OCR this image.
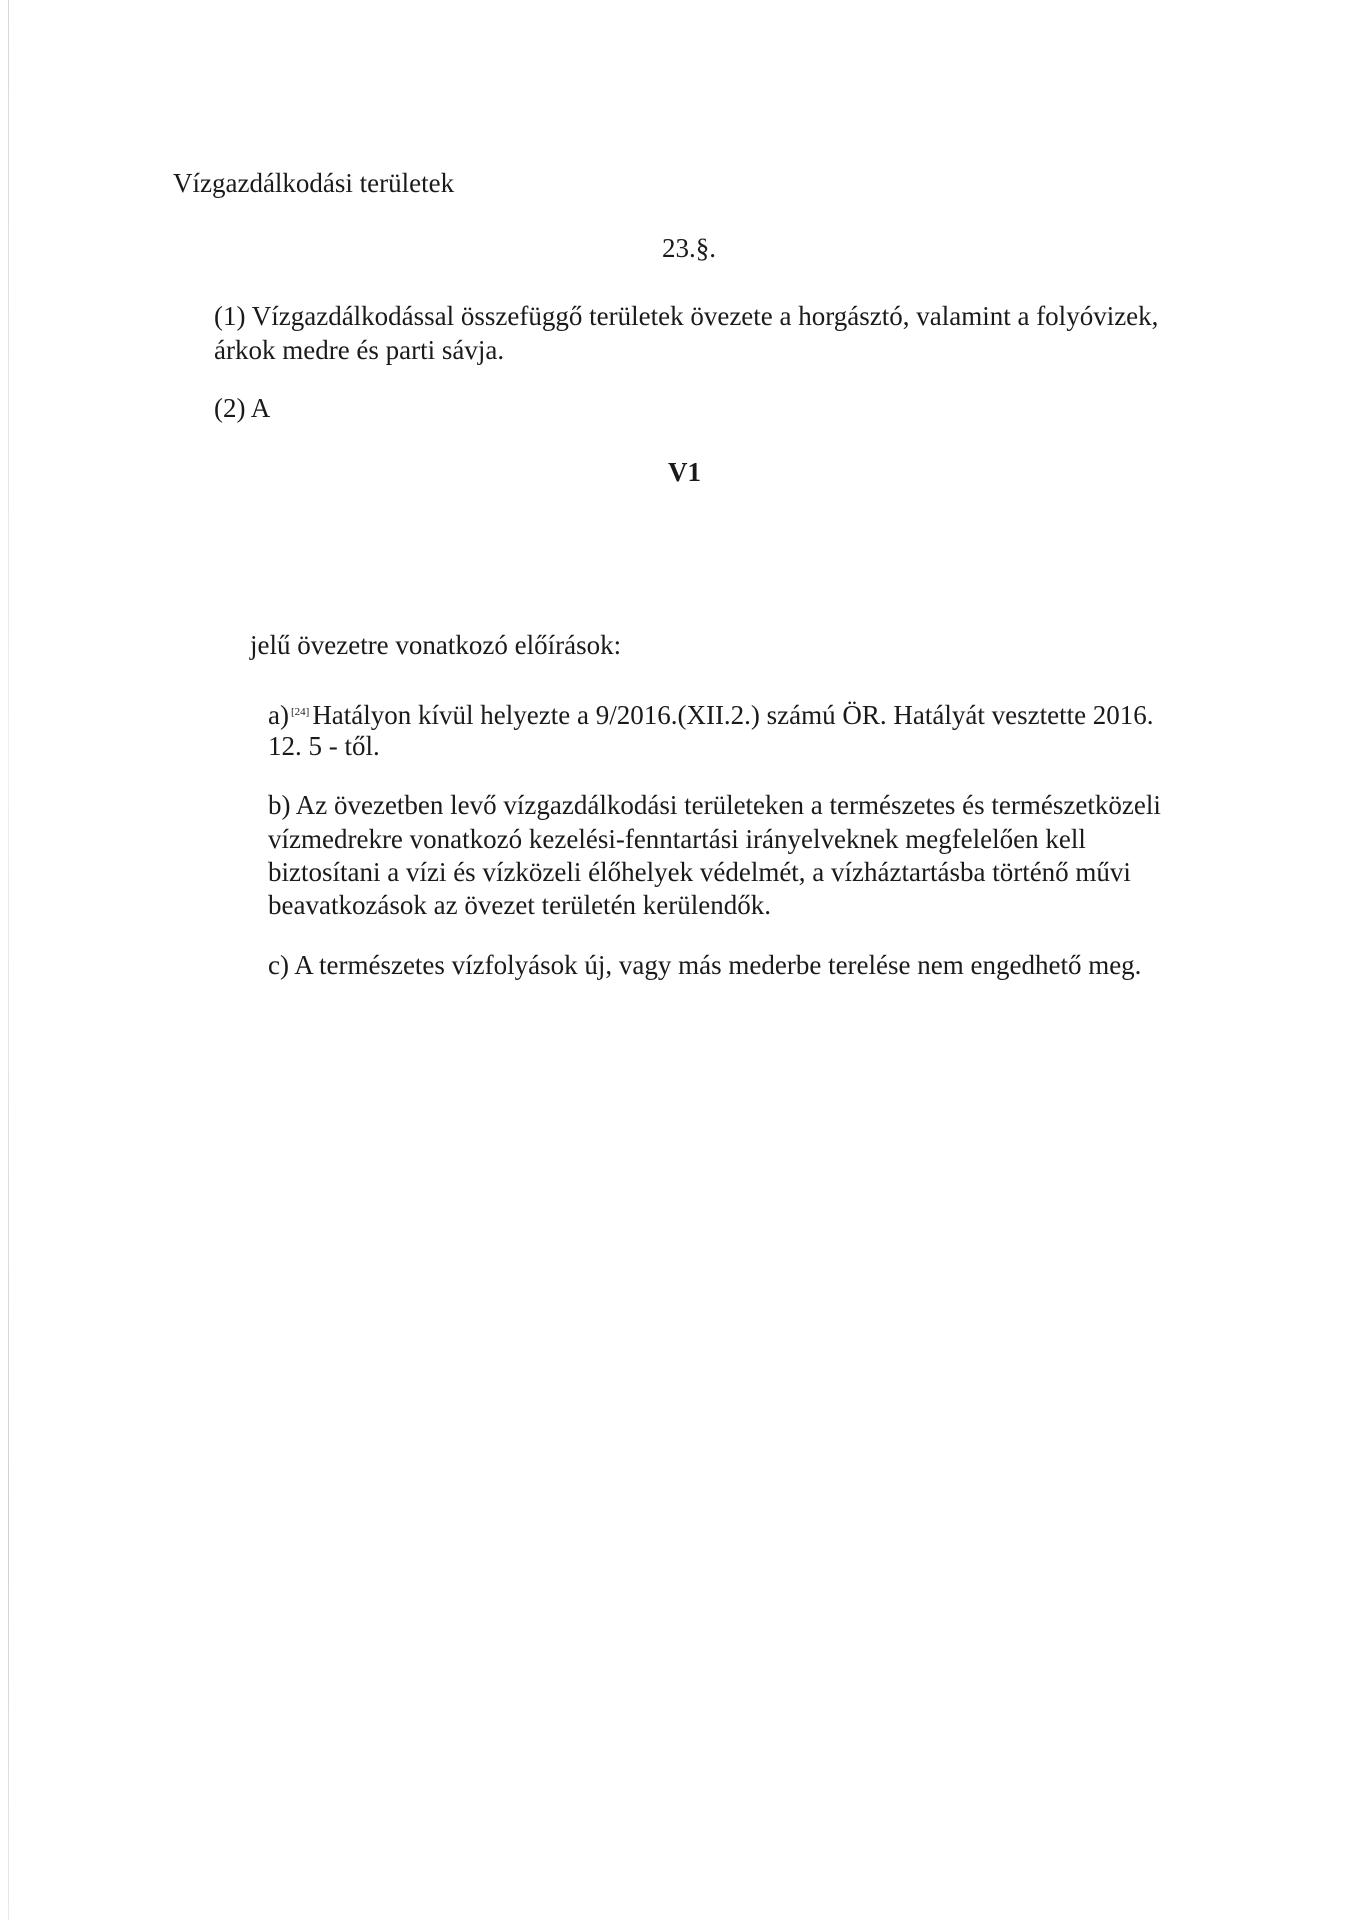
Vízgazdálkodási területek
23.§.
(1) Vízgazdálkodással összefüggő területek övezete a horgásztó, valamint a folyóvizek,
árkok medre és parti sávja.
(2) A
V1
jelű övezetre vonatkozó előírások:
a) [24] Hatályon kívül helyezte a 9/2016.(XII.2.) számú ÖR. Hatályát vesztette 2016.
12. 5 - től.
b) Az övezetben levő vízgazdálkodási területeken a természetes és természetközeli
vízmedrekre vonatkozó kezelési-fenntartási irányelveknek megfelelően kell
biztosítani a vízi és vízközeli élőhelyek védelmét, a vízháztartásba történő művi
beavatkozások az övezet területén kerülendők.
c) A természetes vízfolyások új, vagy más mederbe terelése nem engedhető meg.
